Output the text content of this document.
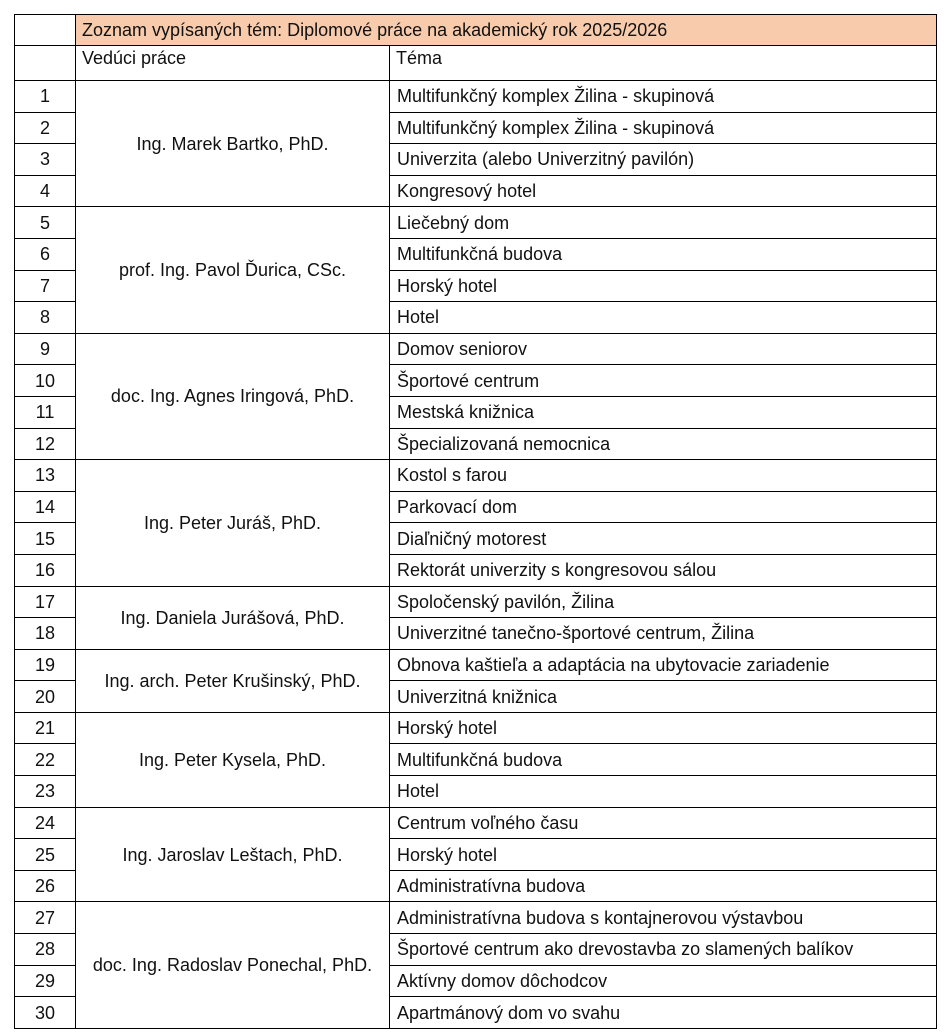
	Zoznam vypísaných tém: Diplomové práce na akademický rok 2025/2026	
	Vedúci práce	Téma
1	Ing. Marek Bartko, PhD.	Multifunkčný komplex Žilina - skupinová
2		Multifunkčný komplex Žilina - skupinová
3		Univerzita (alebo Univerzitný pavilón)
4		Kongresový hotel
5	prof. Ing. Pavol Ďurica, CSc.	Liečebný dom
6		Multifunkčná budova
7		Horský hotel
8		Hotel
9	doc. Ing. Agnes Iringová, PhD.	Domov seniorov
10		Športové centrum
11		Mestská knižnica
12		Špecializovaná nemocnica
13	Ing. Peter Juráš, PhD.	Kostol s farou
14		Parkovací dom
15		Diaľničný motorest
16		Rektorát univerzity s kongresovou sálou
17	Ing. Daniela Jurášová, PhD.	Spoločenský pavilón, Žilina
18		Univerzitné tanečno-športové centrum, Žilina
19	Ing. arch. Peter Krušinský, PhD.	Obnova kaštieľa a adaptácia na ubytovacie zariadenie
20		Univerzitná knižnica
21	Ing. Peter Kysela, PhD.	Horský hotel
22		Multifunkčná budova
23		Hotel
24	Ing. Jaroslav Leštach, PhD.	Centrum voľného času
25		Horský hotel
26		Administratívna budova
27	doc. Ing. Radoslav Ponechal, PhD.	Administratívna budova s kontajnerovou výstavbou
28		Športové centrum ako drevostavba zo slamených balíkov
29		Aktívny domov dôchodcov
30		Apartmánový dom vo svahu
